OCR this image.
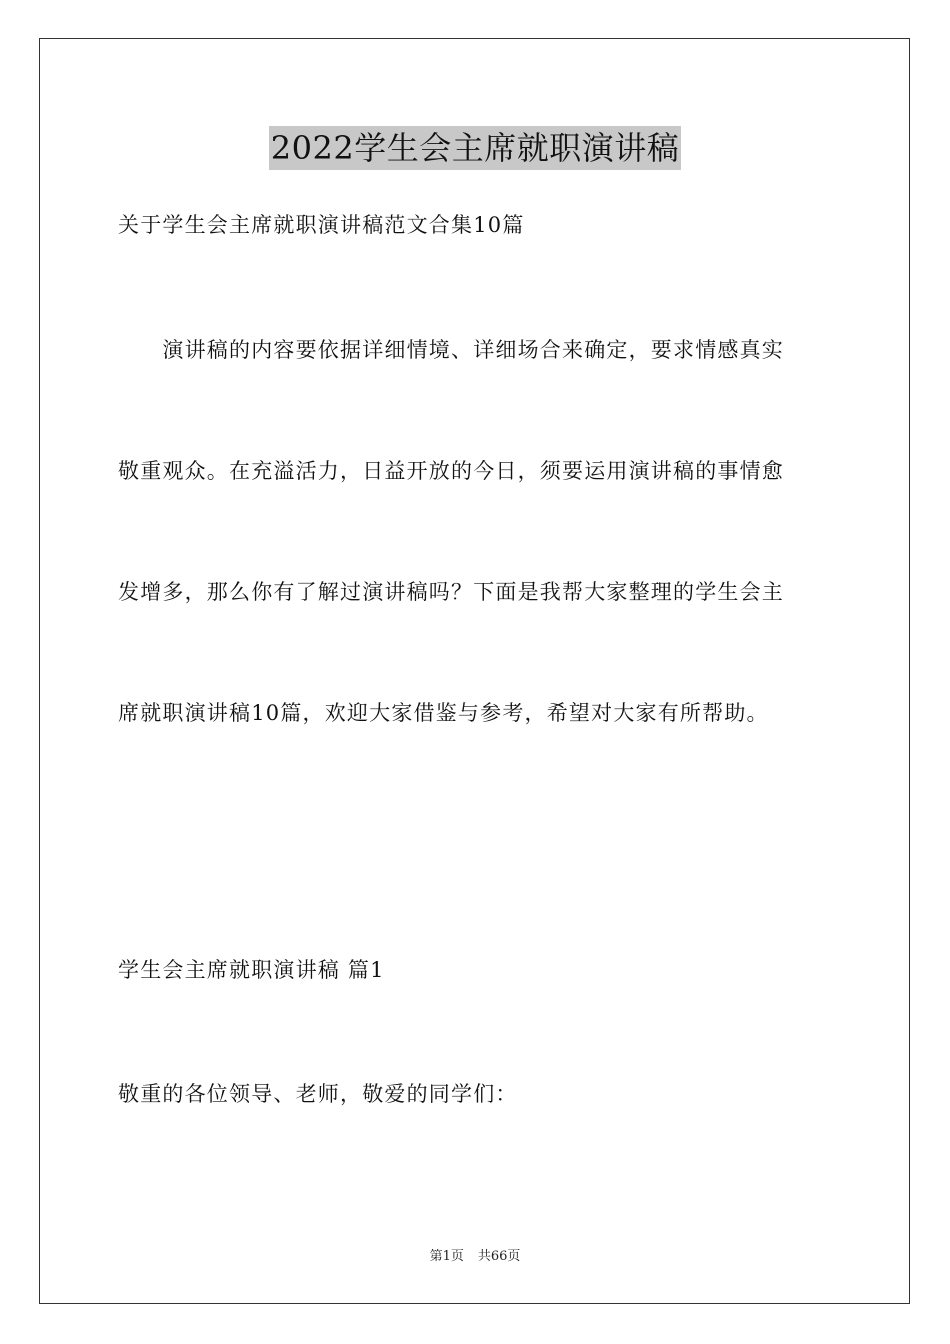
2022学生会主席就职演讲稿
关于学生会主席就职演讲稿范文合集10篇
　　演讲稿的内容要依据详细情境、详细场合来确定，要求情感真实
敬重观众。在充溢活力，日益开放的今日，须要运用演讲稿的事情愈
发增多，那么你有了解过演讲稿吗？下面是我帮大家整理的学生会主
席就职演讲稿10篇，欢迎大家借鉴与参考，希望对大家有所帮助。
学生会主席就职演讲稿 篇1
敬重的各位领导、老师，敬爱的同学们：
第1页 共66页
